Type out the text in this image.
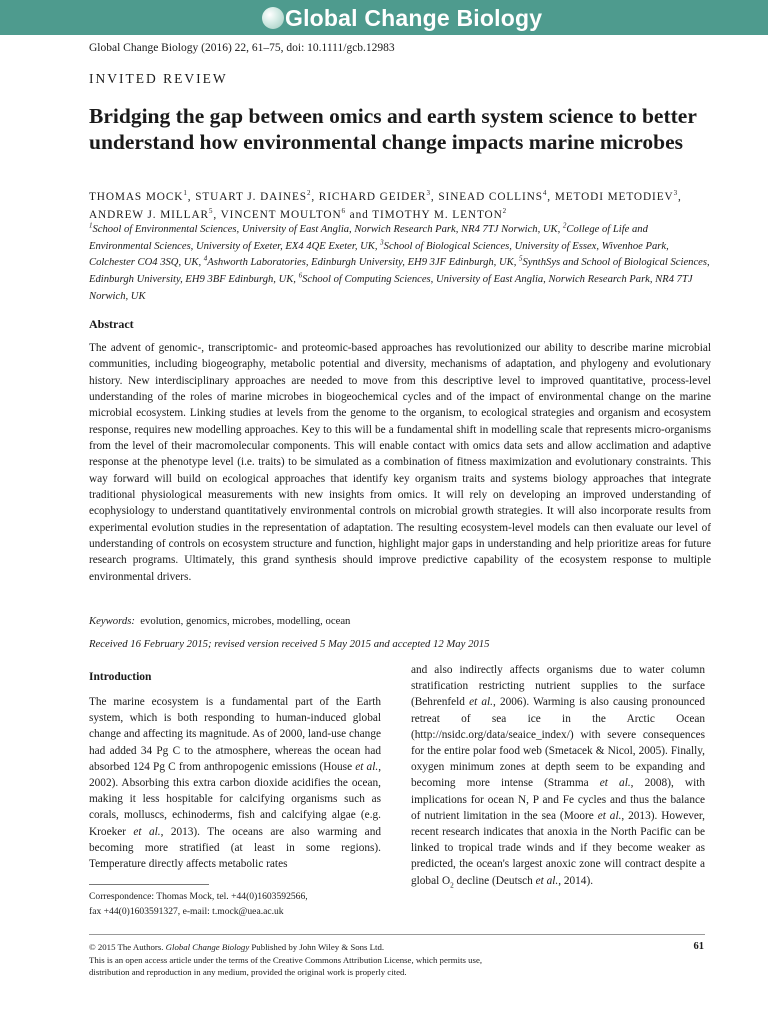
Global Change Biology
Global Change Biology (2016) 22, 61–75, doi: 10.1111/gcb.12983
INVITED REVIEW
Bridging the gap between omics and earth system science to better understand how environmental change impacts marine microbes
THOMAS MOCK$^1$, STUART J. DAINES$^2$, RICHARD GEIDER$^3$, SINEAD COLLINS$^4$, METODI METODIEV$^3$, ANDREW J. MILLAR$^5$, VINCENT MOULTON$^6$ and TIMOTHY M. LENTON$^2$
$^1$School of Environmental Sciences, University of East Anglia, Norwich Research Park, NR4 7TJ Norwich, UK, $^2$College of Life and Environmental Sciences, University of Exeter, EX4 4QE Exeter, UK, $^3$School of Biological Sciences, University of Essex, Wivenhoe Park, Colchester CO4 3SQ, UK, $^4$Ashworth Laboratories, Edinburgh University, EH9 3JF Edinburgh, UK, $^5$SynthSys and School of Biological Sciences, Edinburgh University, EH9 3BF Edinburgh, UK, $^6$School of Computing Sciences, University of East Anglia, Norwich Research Park, NR4 7TJ Norwich, UK
Abstract

The advent of genomic-, transcriptomic- and proteomic-based approaches has revolutionized our ability to describe marine microbial communities, including biogeography, metabolic potential and diversity, mechanisms of adaptation, and phylogeny and evolutionary history. New interdisciplinary approaches are needed to move from this descriptive level to improved quantitative, process-level understanding of the roles of marine microbes in biogeochemical cycles and of the impact of environmental change on the marine microbial ecosystem. Linking studies at levels from the genome to the organism, to ecological strategies and organism and ecosystem response, requires new modelling approaches. Key to this will be a fundamental shift in modelling scale that represents micro-organisms from the level of their macromolecular components. This will enable contact with omics data sets and allow acclimation and adaptive response at the phenotype level (i.e. traits) to be simulated as a combination of fitness maximization and evolutionary constraints. This way forward will build on ecological approaches that identify key organism traits and systems biology approaches that integrate traditional physiological measurements with new insights from omics. It will rely on developing an improved understanding of ecophysiology to understand quantitatively environmental controls on microbial growth strategies. It will also incorporate results from experimental evolution studies in the representation of adaptation. The resulting ecosystem-level models can then evaluate our level of understanding of controls on ecosystem structure and function, highlight major gaps in understanding and help prioritize areas for future research programs. Ultimately, this grand synthesis should improve predictive capability of the ecosystem response to multiple environmental drivers.

Keywords: evolution, genomics, microbes, modelling, ocean
Received 16 February 2015; revised version received 5 May 2015 and accepted 12 May 2015
Introduction

The marine ecosystem is a fundamental part of the Earth system, which is both responding to human-induced global change and affecting its magnitude. As of 2000, land-use change had added 34 Pg C to the atmosphere, whereas the ocean had absorbed 124 Pg C from anthropogenic emissions (House et al., 2002). Absorbing this extra carbon dioxide acidifies the ocean, making it less hospitable for calcifying organisms such as corals, molluscs, echinoderms, fish and calcifying algae (e.g. Kroeker et al., 2013). The oceans are also warming and becoming more stratified (at least in some regions). Temperature directly affects metabolic rates

and also indirectly affects organisms due to water column stratification restricting nutrient supplies to the surface (Behrenfeld et al., 2006). Warming is also causing pronounced retreat of sea ice in the Arctic Ocean (http://nsidc.org/data/seaice_index/) with severe consequences for the entire polar food web (Smetacek & Nicol, 2005). Finally, oxygen minimum zones at depth seem to be expanding and becoming more intense (Stramma et al., 2008), with implications for ocean N, P and Fe cycles and thus the balance of nutrient limitation in the sea (Moore et al., 2013). However, recent research indicates that anoxia in the North Pacific can be linked to tropical trade winds and if they become weaker as predicted, the ocean's largest anoxic zone will contract despite a global $O_2$ decline (Deutsch et al., 2014).

Correspondence: Thomas Mock, tel. +44(0)1603592566,
fax +44(0)1603591327, e-mail: t.mock@uea.ac.uk
© 2015 The Authors. Global Change Biology Published by John Wiley & Sons Ltd.
This is an open access article under the terms of the Creative Commons Attribution License, which permits use,
distribution and reproduction in any medium, provided the original work is properly cited.
61
